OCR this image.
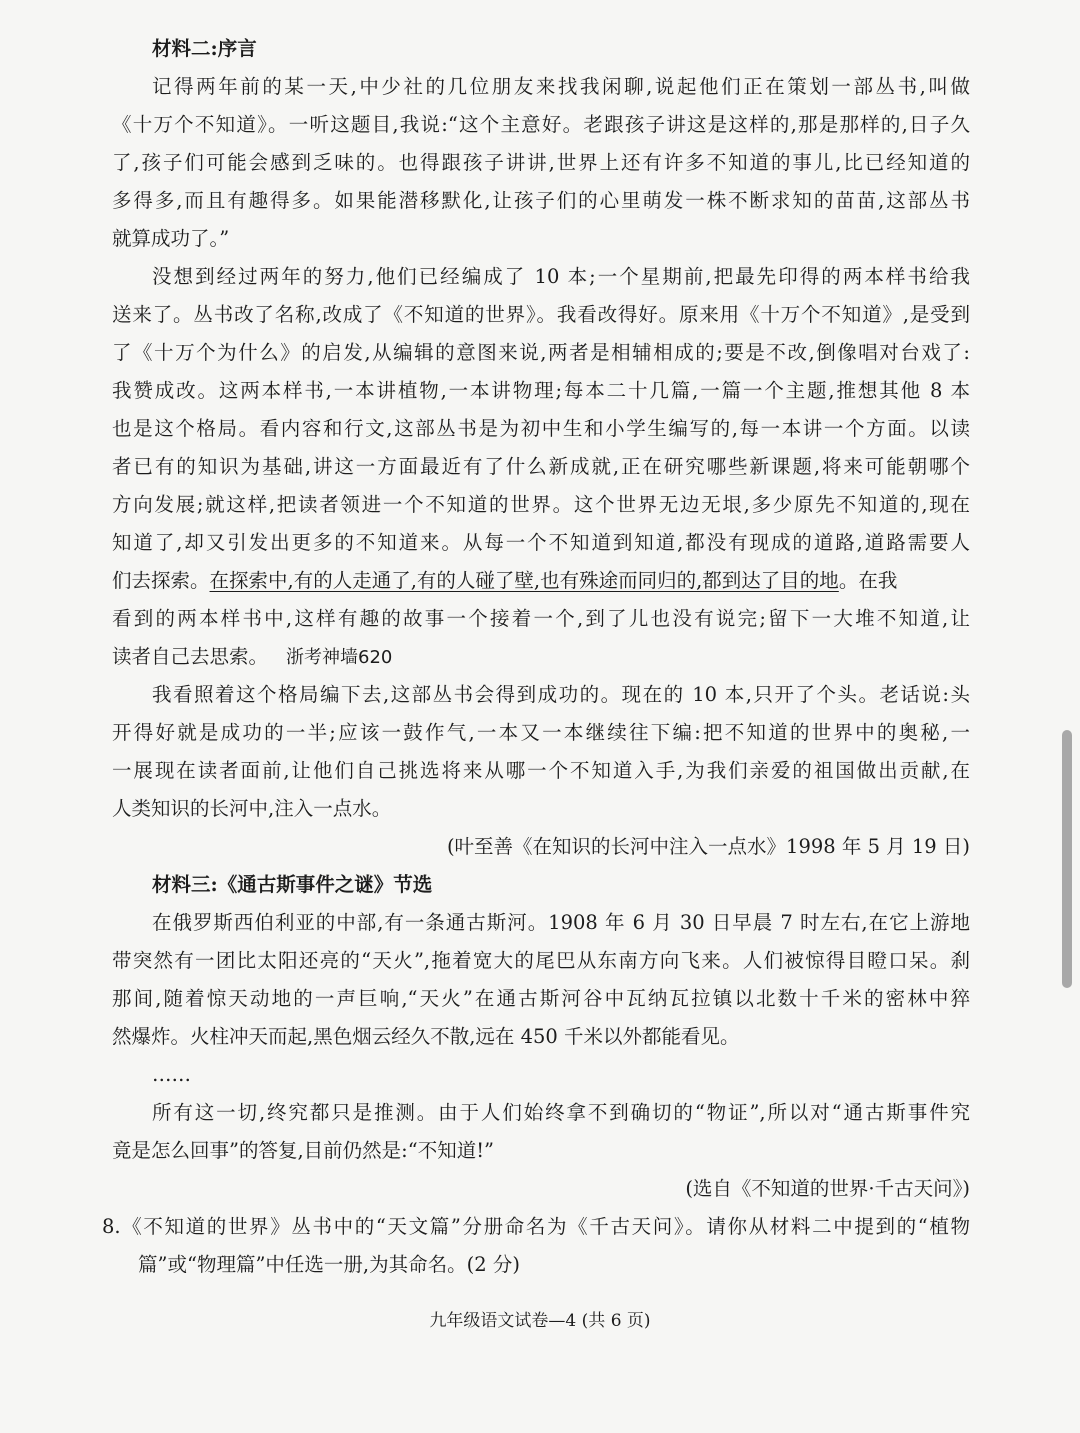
材料二:序言
记得两年前的某一天,中少社的几位朋友来找我闲聊,说起他们正在策划一部丛书,叫做
《十万个不知道》。一听这题目,我说:“这个主意好。老跟孩子讲这是这样的,那是那样的,日子久
了,孩子们可能会感到乏味的。也得跟孩子讲讲,世界上还有许多不知道的事儿,比已经知道的
多得多,而且有趣得多。如果能潜移默化,让孩子们的心里萌发一株不断求知的苗苗,这部丛书
就算成功了。”
没想到经过两年的努力,他们已经编成了 10 本;一个星期前,把最先印得的两本样书给我
送来了。丛书改了名称,改成了《不知道的世界》。我看改得好。原来用《十万个不知道》,是受到
了《十万个为什么》的启发,从编辑的意图来说,两者是相辅相成的;要是不改,倒像唱对台戏了:
我赞成改。这两本样书,一本讲植物,一本讲物理;每本二十几篇,一篇一个主题,推想其他 8 本
也是这个格局。看内容和行文,这部丛书是为初中生和小学生编写的,每一本讲一个方面。以读
者已有的知识为基础,讲这一方面最近有了什么新成就,正在研究哪些新课题,将来可能朝哪个
方向发展;就这样,把读者领进一个不知道的世界。这个世界无边无垠,多少原先不知道的,现在
知道了,却又引发出更多的不知道来。从每一个不知道到知道,都没有现成的道路,道路需要人
们去探索。在探索中,有的人走通了,有的人碰了壁,也有殊途而同归的,都到达了目的地。在我
看到的两本样书中,这样有趣的故事一个接着一个,到了儿也没有说完;留下一大堆不知道,让
读者自己去思索。 浙考神墙620
我看照着这个格局编下去,这部丛书会得到成功的。现在的 10 本,只开了个头。老话说:头
开得好就是成功的一半;应该一鼓作气,一本又一本继续往下编:把不知道的世界中的奥秘,一
一展现在读者面前,让他们自己挑选将来从哪一个不知道入手,为我们亲爱的祖国做出贡献,在
人类知识的长河中,注入一点水。
(叶至善《在知识的长河中注入一点水》1998 年 5 月 19 日)
材料三:《通古斯事件之谜》节选
在俄罗斯西伯利亚的中部,有一条通古斯河。1908 年 6 月 30 日早晨 7 时左右,在它上游地
带突然有一团比太阳还亮的“天火”,拖着宽大的尾巴从东南方向飞来。人们被惊得目瞪口呆。刹
那间,随着惊天动地的一声巨响,“天火”在通古斯河谷中瓦纳瓦拉镇以北数十千米的密林中猝
然爆炸。火柱冲天而起,黑色烟云经久不散,远在 450 千米以外都能看见。
……
所有这一切,终究都只是推测。由于人们始终拿不到确切的“物证”,所以对“通古斯事件究
竟是怎么回事”的答复,目前仍然是:“不知道!”
(选自《不知道的世界·千古天问》)
8.《不知道的世界》丛书中的“天文篇”分册命名为《千古天问》。请你从材料二中提到的“植物
篇”或“物理篇”中任选一册,为其命名。(2 分)
九年级语文试卷—4 (共 6 页)
